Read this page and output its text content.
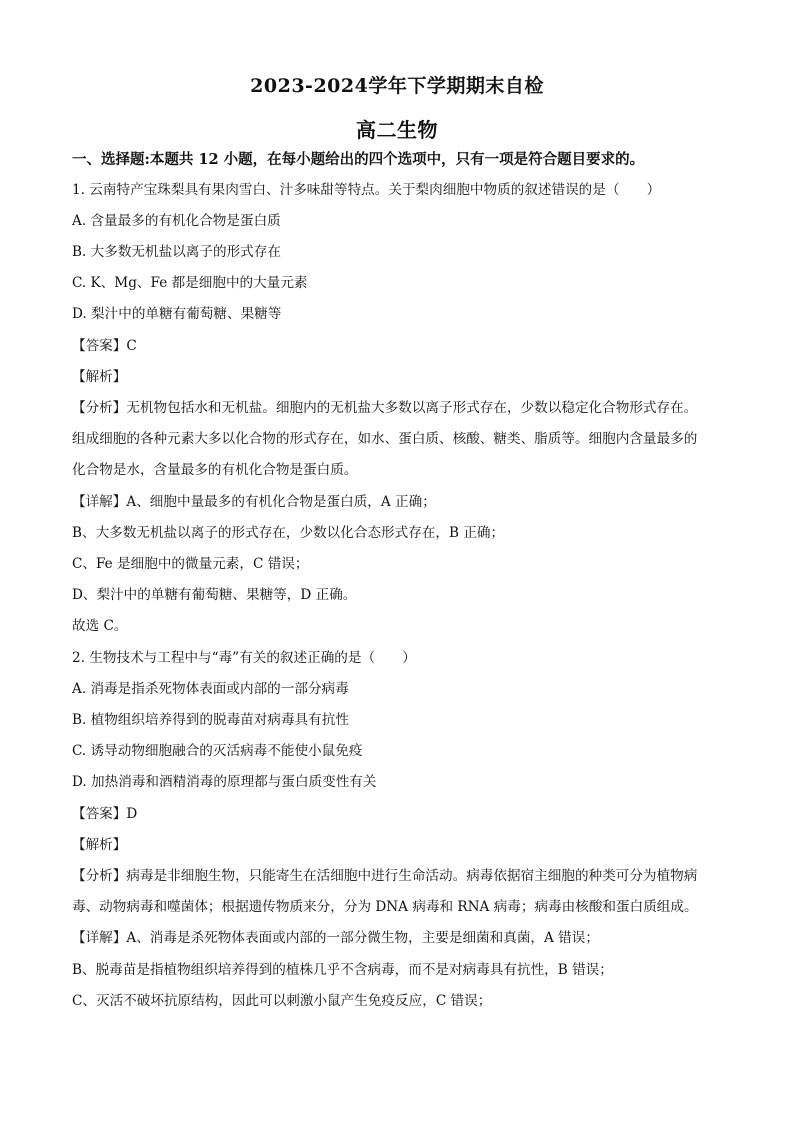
2023-2024学年下学期期末自检
高二生物
一、选择题:本题共 12 小题，在每小题给出的四个选项中，只有一项是符合题目要求的。
1. 云南特产宝珠梨具有果肉雪白、汁多味甜等特点。关于梨肉细胞中物质的叙述错误的是（　　）
A. 含量最多的有机化合物是蛋白质
B. 大多数无机盐以离子的形式存在
C. K、Mg、Fe 都是细胞中的大量元素
D. 梨汁中的单糖有葡萄糖、果糖等
【答案】C
【解析】
【分析】无机物包括水和无机盐。细胞内的无机盐大多数以离子形式存在，少数以稳定化合物形式存在。
组成细胞的各种元素大多以化合物的形式存在，如水、蛋白质、核酸、糖类、脂质等。细胞内含量最多的
化合物是水，含量最多的有机化合物是蛋白质。
【详解】A、细胞中量最多的有机化合物是蛋白质，A 正确；
B、大多数无机盐以离子的形式存在，少数以化合态形式存在，B 正确；
C、Fe 是细胞中的微量元素，C 错误；
D、梨汁中的单糖有葡萄糖、果糖等，D 正确。
故选 C。
2. 生物技术与工程中与“毒”有关的叙述正确的是（　　）
A. 消毒是指杀死物体表面或内部的一部分病毒
B. 植物组织培养得到的脱毒苗对病毒具有抗性
C. 诱导动物细胞融合的灭活病毒不能使小鼠免疫
D. 加热消毒和酒精消毒的原理都与蛋白质变性有关
【答案】D
【解析】
【分析】病毒是非细胞生物，只能寄生在活细胞中进行生命活动。病毒依据宿主细胞的种类可分为植物病
毒、动物病毒和噬菌体；根据遗传物质来分，分为 DNA 病毒和 RNA 病毒；病毒由核酸和蛋白质组成。
【详解】A、消毒是杀死物体表面或内部的一部分微生物，主要是细菌和真菌，A 错误；
B、脱毒苗是指植物组织培养得到的植株几乎不含病毒，而不是对病毒具有抗性，B 错误；
C、灭活不破坏抗原结构，因此可以刺激小鼠产生免疫反应，C 错误；
